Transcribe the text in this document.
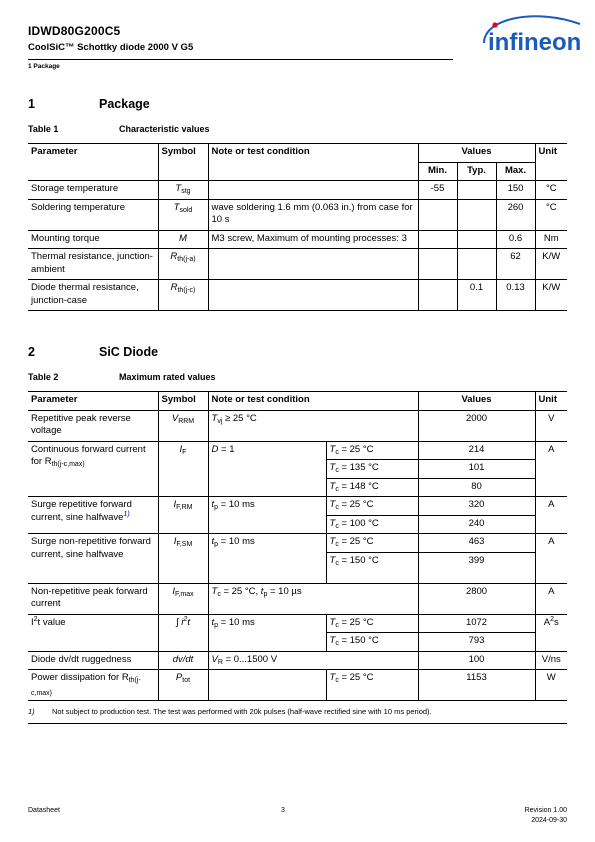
IDWD80G200C5
CoolSiC™ Schottky diode 2000 V G5
1 Package
infineon
1	Package
Table 1	Characteristic values
Parameter	Symbol	Note or test condition	Values			Unit
			Min.	Typ.	Max.	
Storage temperature	$T_{stg}$		-55		150	°C
Soldering temperature	$T_{sold}$	wave soldering 1.6 mm (0.063 in.) from case for 10 s			260	°C
Mounting torque	M	M3 screw, Maximum of mounting processes: 3			0.6	Nm
Thermal resistance, junction-ambient	$R_{th(j-a)}$				62	K/W
Diode thermal resistance, junction-case	$R_{th(j-c)}$			0.1	0.13	K/W
2	SiC Diode
Table 2	Maximum rated values
Parameter	Symbol	Note or test condition		Values	Unit
Repetitive peak reverse voltage	$V_{RRM}$	$T_{vj} \ge 25$ °C		2000	V
Continuous forward current for $R_{th(j-c,max)}$	$I_F$	D = 1	$T_c = 25$ °C	214	A
			$T_c = 135$ °C	101	
			$T_c = 148$ °C	80	
Surge repetitive forward current, sine halfwave$^{1)}$	$I_{F,RM}$	$t_p = 10$ ms	$T_c = 25$ °C	320	A
			$T_c = 100$ °C	240	
Surge non-repetitive forward current, sine halfwave	$I_{F,SM}$	$t_p = 10$ ms	$T_c = 25$ °C	463	A
			$T_c = 150$ °C	399	
Non-repetitive peak forward current	$I_{F,max}$	$T_c = 25$ °C, $t_p = 10$ µs		2800	A
$I^2t$ value	∫ $i^2t$	$t_p = 10$ ms	$T_c = 25$ °C	1072	$A^2s$
			$T_c = 150$ °C	793	
Diode dv/dt ruggedness	dv/dt	$V_R = 0...1500$ V		100	V/ns
Power dissipation for $R_{th(j-c,max)}$	$P_{tot}$		$T_c = 25$ °C	1153	W
1) Not subject to production test. The test was performed with 20k pulses (half-wave rectified sine with 10 ms period).
Datasheet	3	Revision 1.00
2024-09-30
